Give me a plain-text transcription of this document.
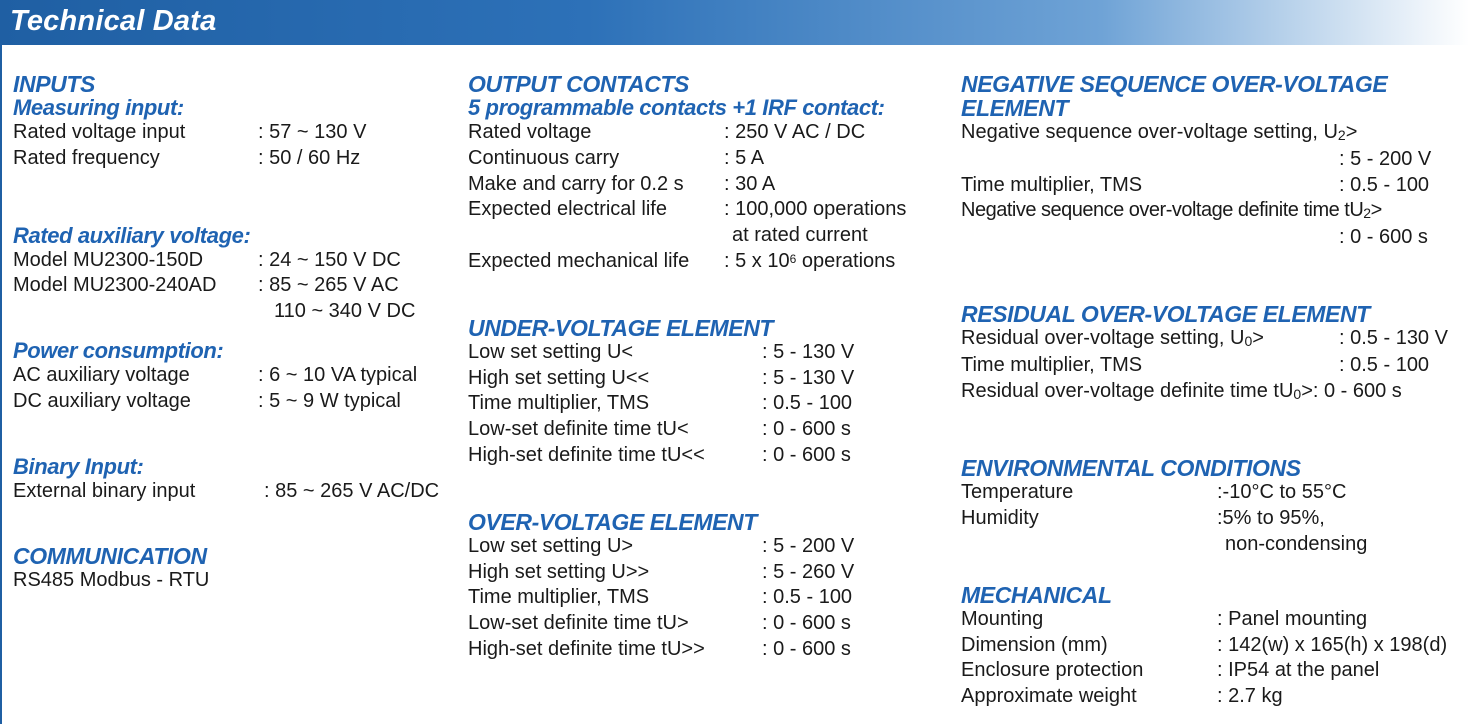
Technical Data
INPUTS
Measuring input:
Rated voltage input	: 57 ~ 130 V
Rated frequency	: 50 / 60 Hz
Rated auxiliary voltage:
Model MU2300-150D	: 24 ~ 150 V DC
Model MU2300-240AD	: 85 ~ 265 V AC
110 ~ 340 V DC
Power consumption:
AC auxiliary voltage	: 6 ~ 10 VA typical
DC auxiliary voltage	: 5 ~ 9 W typical
Binary Input:
External binary input	: 85 ~ 265 V AC/DC
COMMUNICATION
RS485 Modbus - RTU
OUTPUT CONTACTS
5 programmable contacts +1 IRF contact:
Rated voltage	: 250 V AC / DC
Continuous carry	: 5 A
Make and carry for 0.2 s	: 30 A
Expected electrical life	: 100,000 operations
at rated current
Expected mechanical life	: 5 x $10^6$ operations
UNDER-VOLTAGE ELEMENT
Low set setting U<	: 5 - 130 V
High set setting U<<	: 5 - 130 V
Time multiplier, TMS	: 0.5 - 100
Low-set definite time tU<	: 0 - 600 s
High-set definite time tU<<	: 0 - 600 s
OVER-VOLTAGE ELEMENT
Low set setting U>	: 5 - 200 V
High set setting U>>	: 5 - 260 V
Time multiplier, TMS	: 0.5 - 100
Low-set definite time tU>	: 0 - 600 s
High-set definite time tU>>	: 0 - 600 s
NEGATIVE SEQUENCE OVER-VOLTAGE
ELEMENT
Negative sequence over-voltage setting, $U_2>$
: 5 - 200 V
Time multiplier, TMS	: 0.5 - 100
Negative sequence over-voltage definite time $tU_2>$
: 0 - 600 s
RESIDUAL OVER-VOLTAGE ELEMENT
Residual over-voltage setting, $U_0>$	: 0.5 - 130 V
Time multiplier, TMS	: 0.5 - 100
Residual over-voltage definite time $tU_0>$: 0 - 600 s
ENVIRONMENTAL CONDITIONS
Temperature	:-10°C to 55°C
Humidity	:5% to 95%,
non-condensing
MECHANICAL
Mounting	: Panel mounting
Dimension (mm)	: 142(w) x 165(h) x 198(d)
Enclosure protection	: IP54 at the panel
Approximate weight	: 2.7 kg
